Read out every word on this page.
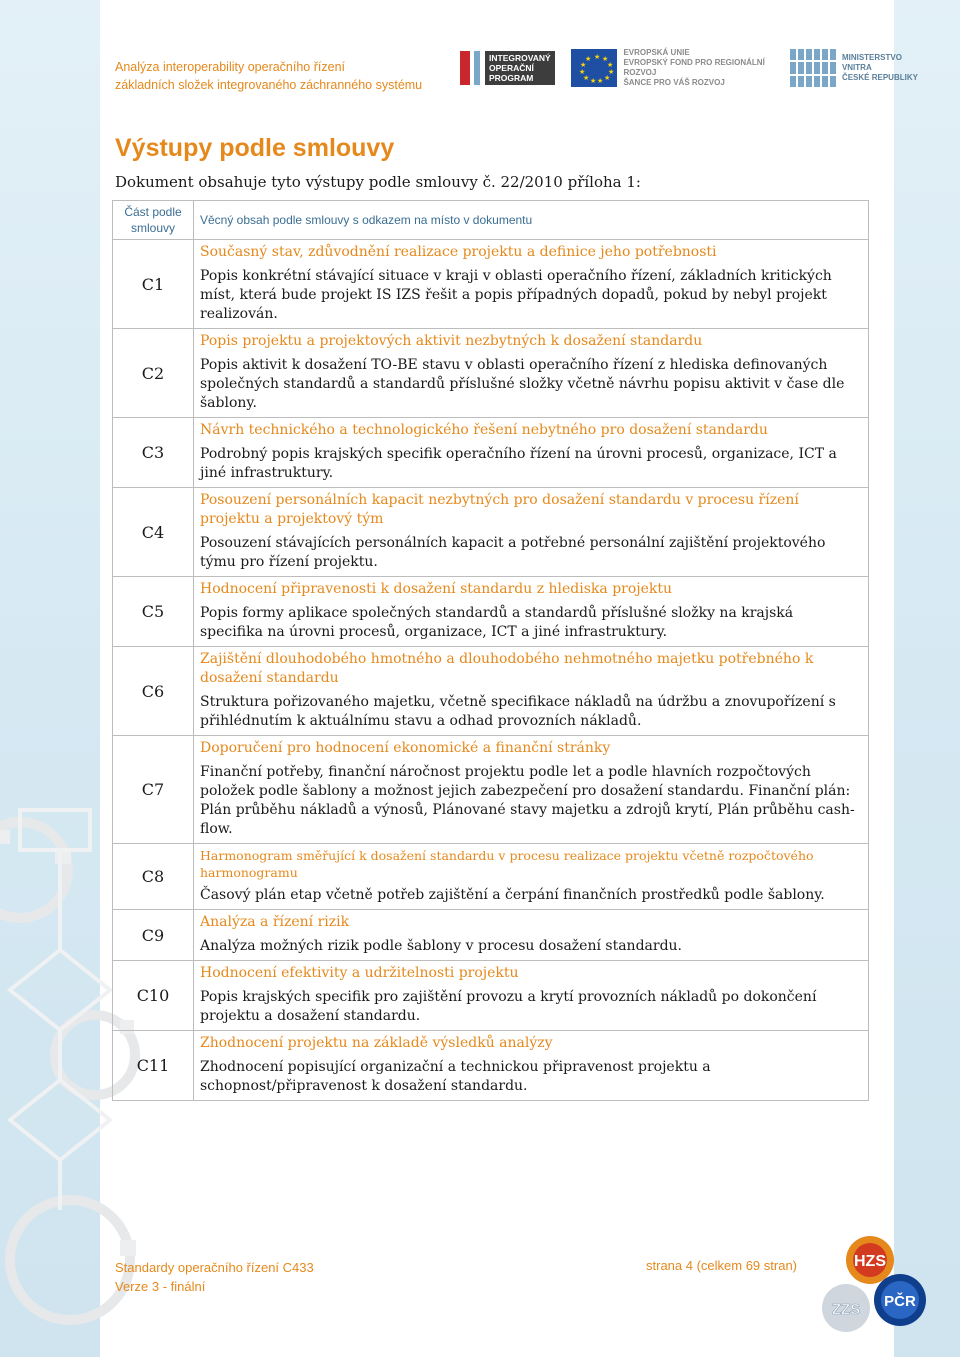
Analýza interoperability operačního řízení
základních složek integrovaného záchranného systému
INTEGROVANÝ
OPERAČNÍ
PROGRAM
★ ★
★
★
★
★
★
★
★
★
★
EVROPSKÁ UNIE
EVROPSKÝ FOND PRO REGIONÁLNÍ ROZVOJ
ŠANCE PRO VÁŠ ROZVOJ
MINISTERSTVO VNITRA
ČESKÉ REPUBLIKY
Výstupy podle smlouvy
Dokument obsahuje tyto výstupy podle smlouvy č. 22/2010 příloha 1:
Část podle
smlouvy	Věcný obsah podle smlouvy s odkazem na místo v dokumentu
C1	Současný stav, zdůvodnění realizace projektu a definice jeho potřebnosti
Popis konkrétní stávající situace v kraji v oblasti operačního řízení, základních kritických míst, která bude projekt IS IZS řešit a popis případných dopadů, pokud by nebyl projekt realizován.

C2	Popis projektu a projektových aktivit nezbytných k dosažení standardu
Popis aktivit k dosažení TO-BE stavu v oblasti operačního řízení z hlediska definovaných společných standardů a standardů příslušné složky včetně návrhu popisu aktivit v čase dle šablony.

C3	Návrh technického a technologického řešení nebytného pro dosažení standardu
Podrobný popis krajských specifik operačního řízení na úrovni procesů, organizace, ICT a jiné infrastruktury.

C4	Posouzení personálních kapacit nezbytných pro dosažení standardu v procesu řízení projektu a projektový tým
Posouzení stávajících personálních kapacit a potřebné personální zajištění projektového týmu pro řízení projektu.

C5	Hodnocení připravenosti k dosažení standardu z hlediska projektu
Popis formy aplikace společných standardů a standardů příslušné složky na krajská specifika na úrovni procesů, organizace, ICT a jiné infrastruktury.

C6	Zajištění dlouhodobého hmotného a dlouhodobého nehmotného majetku potřebného k dosažení standardu
Struktura pořizovaného majetku, včetně specifikace nákladů na údržbu a znovupořízení s přihlédnutím k aktuálnímu stavu a odhad provozních nákladů.

C7	Doporučení pro hodnocení ekonomické a finanční stránky
Finanční potřeby, finanční náročnost projektu podle let a podle hlavních rozpočtových položek podle šablony a možnost jejich zabezpečení pro dosažení standardu. Finanční plán: Plán průběhu nákladů a výnosů, Plánované stavy majetku a zdrojů krytí, Plán průběhu cash-flow.

C8	Harmonogram směřující k dosažení standardu v procesu realizace projektu včetně rozpočtového harmonogramu
Časový plán etap včetně potřeb zajištění a čerpání finančních prostředků podle šablony.

C9	Analýza a řízení rizik
Analýza možných rizik podle šablony v procesu dosažení standardu.

C10	Hodnocení efektivity a udržitelnosti projektu
Popis krajských specifik pro zajištění provozu a krytí provozních nákladů po dokončení projektu a dosažení standardu.

C11	Zhodnocení projektu na základě výsledků analýzy
Zhodnocení popisující organizační a technickou připravenost projektu a schopnost/připravenost k dosažení standardu.
Standardy operačního řízení C433
Verze 3 - finální
strana 4 (celkem 69 stran)	HZS
ZZS PČR
